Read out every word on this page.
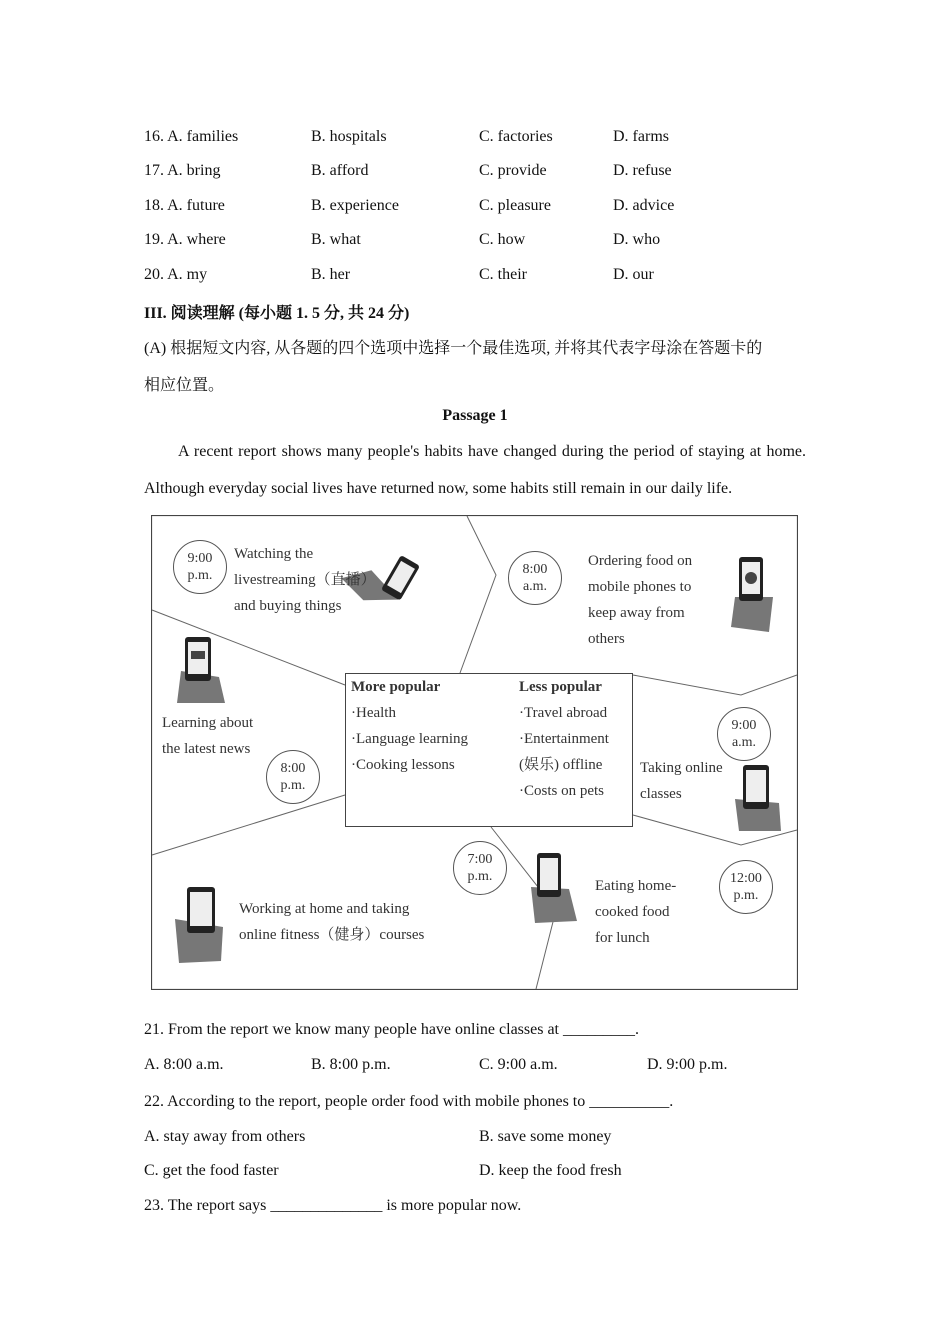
16. A. families	B. hospitals	C. factories	D. farms
17. A. bring	B. afford	C. provide	D. refuse
18. A. future	B. experience	C. pleasure	D. advice
19. A. where	B. what	C. how	D. who
20. A. my	B. her	C. their	D. our
III. 阅读理解 (每小题 1. 5 分, 共 24 分)
(A) 根据短文内容, 从各题的四个选项中选择一个最佳选项, 并将其代表字母涂在答题卡的
相应位置。
Passage 1
A recent report shows many people's habits have changed during the period of staying at home. Although everyday social lives have returned now, some habits still remain in our daily life.
9:00
p.m.
Watching the
livestreaming（直播）
and buying things
8:00
a.m.
Ordering food on
mobile phones to
keep away from
others
Learning about
the latest news
8:00
p.m.
More popular
·Health
·Language learning
·Cooking lessons
Less popular
·Travel abroad
·Entertainment
(娱乐) offline
·Costs on pets
9:00
a.m.
Taking online
classes
7:00
p.m.
Working at home and taking
online fitness（健身）courses
Eating home-
cooked food
for lunch
12:00
p.m.
21. From the report we know many people have online classes at _________.
A. 8:00 a.m.	B. 8:00 p.m.	C. 9:00 a.m.	D. 9:00 p.m.
22. According to the report, people order food with mobile phones to __________.
A. stay away from others	B. save some money
C. get the food faster	D. keep the food fresh
23. The report says ______________ is more popular now.
